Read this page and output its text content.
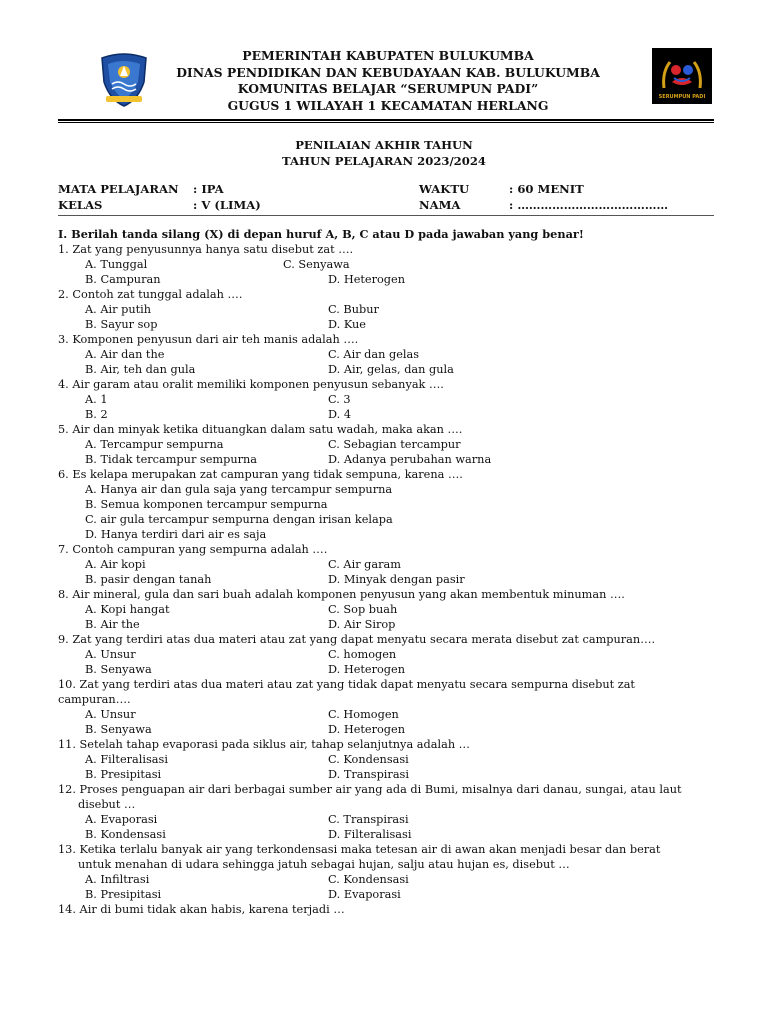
PEMERINTAH KABUPATEN BULUKUMBA
DINAS PENDIDIKAN DAN KEBUDAYAAN KAB. BULUKUMBA
KOMUNITAS BELAJAR “SERUMPUN PADI”
GUGUS 1 WILAYAH 1 KECAMATAN HERLANG
SERUMPUN PADI
PENILAIAN AKHIR TAHUN
TAHUN PELAJARAN 2023/2024
MATA PELAJARAN : IPA
KELAS	: V (LIMA)
WAKTU	: 60 MENIT
NAMA	: …………………………………
I. Berilah tanda silang (X) di depan huruf A, B, C atau D pada jawaban yang benar!
1. Zat yang penyusunnya hanya satu disebut zat ….
A. Tunggal
B. Campuran
C. Senyawa
D. Heterogen
2. Contoh zat tunggal adalah ….
A. Air putih
B. Sayur sop
C. Bubur
D. Kue
3. Komponen penyusun dari air teh manis adalah ….
A. Air dan the
B. Air, teh dan gula
C. Air dan gelas
D. Air, gelas, dan gula
4. Air garam atau oralit memiliki komponen penyusun sebanyak ….
A. 1
B. 2
C. 3
D. 4
5. Air dan minyak ketika dituangkan dalam satu wadah, maka akan ….
A. Tercampur sempurna
B. Tidak tercampur sempurna
C. Sebagian tercampur
D. Adanya perubahan warna
6. Es kelapa merupakan zat campuran yang tidak sempuna, karena ….
A. Hanya air dan gula saja yang tercampur sempurna
B. Semua komponen tercampur sempurna
C. air gula tercampur sempurna dengan irisan kelapa
D. Hanya terdiri dari air es saja
7. Contoh campuran yang sempurna adalah ….
A. Air kopi
B. pasir dengan tanah
C. Air garam
D. Minyak dengan pasir
8. Air mineral, gula dan sari buah adalah komponen penyusun yang akan membentuk minuman ….
A. Kopi hangat
B. Air the
C. Sop buah
D. Air Sirop
9. Zat yang terdiri atas dua materi atau zat yang dapat menyatu secara merata disebut zat campuran….
A. Unsur
B. Senyawa
C. homogen
D. Heterogen
10. Zat yang terdiri atas dua materi atau zat yang tidak dapat menyatu secara sempurna disebut zat
campuran….
A. Unsur
B. Senyawa
C. Homogen
D. Heterogen
11. Setelah tahap evaporasi pada siklus air, tahap selanjutnya adalah …
A. Filteralisasi
B. Presipitasi
C. Kondensasi
D. Transpirasi
12. Proses penguapan air dari berbagai sumber air yang ada di Bumi, misalnya dari danau, sungai, atau laut
disebut …
A. Evaporasi
B. Kondensasi
C. Transpirasi
D. Filteralisasi
13. Ketika terlalu banyak air yang terkondensasi maka tetesan air di awan akan menjadi besar dan berat
untuk menahan di udara sehingga jatuh sebagai hujan, salju atau hujan es, disebut …
A. Infiltrasi
B. Presipitasi
C. Kondensasi
D. Evaporasi
14. Air di bumi tidak akan habis, karena terjadi …
